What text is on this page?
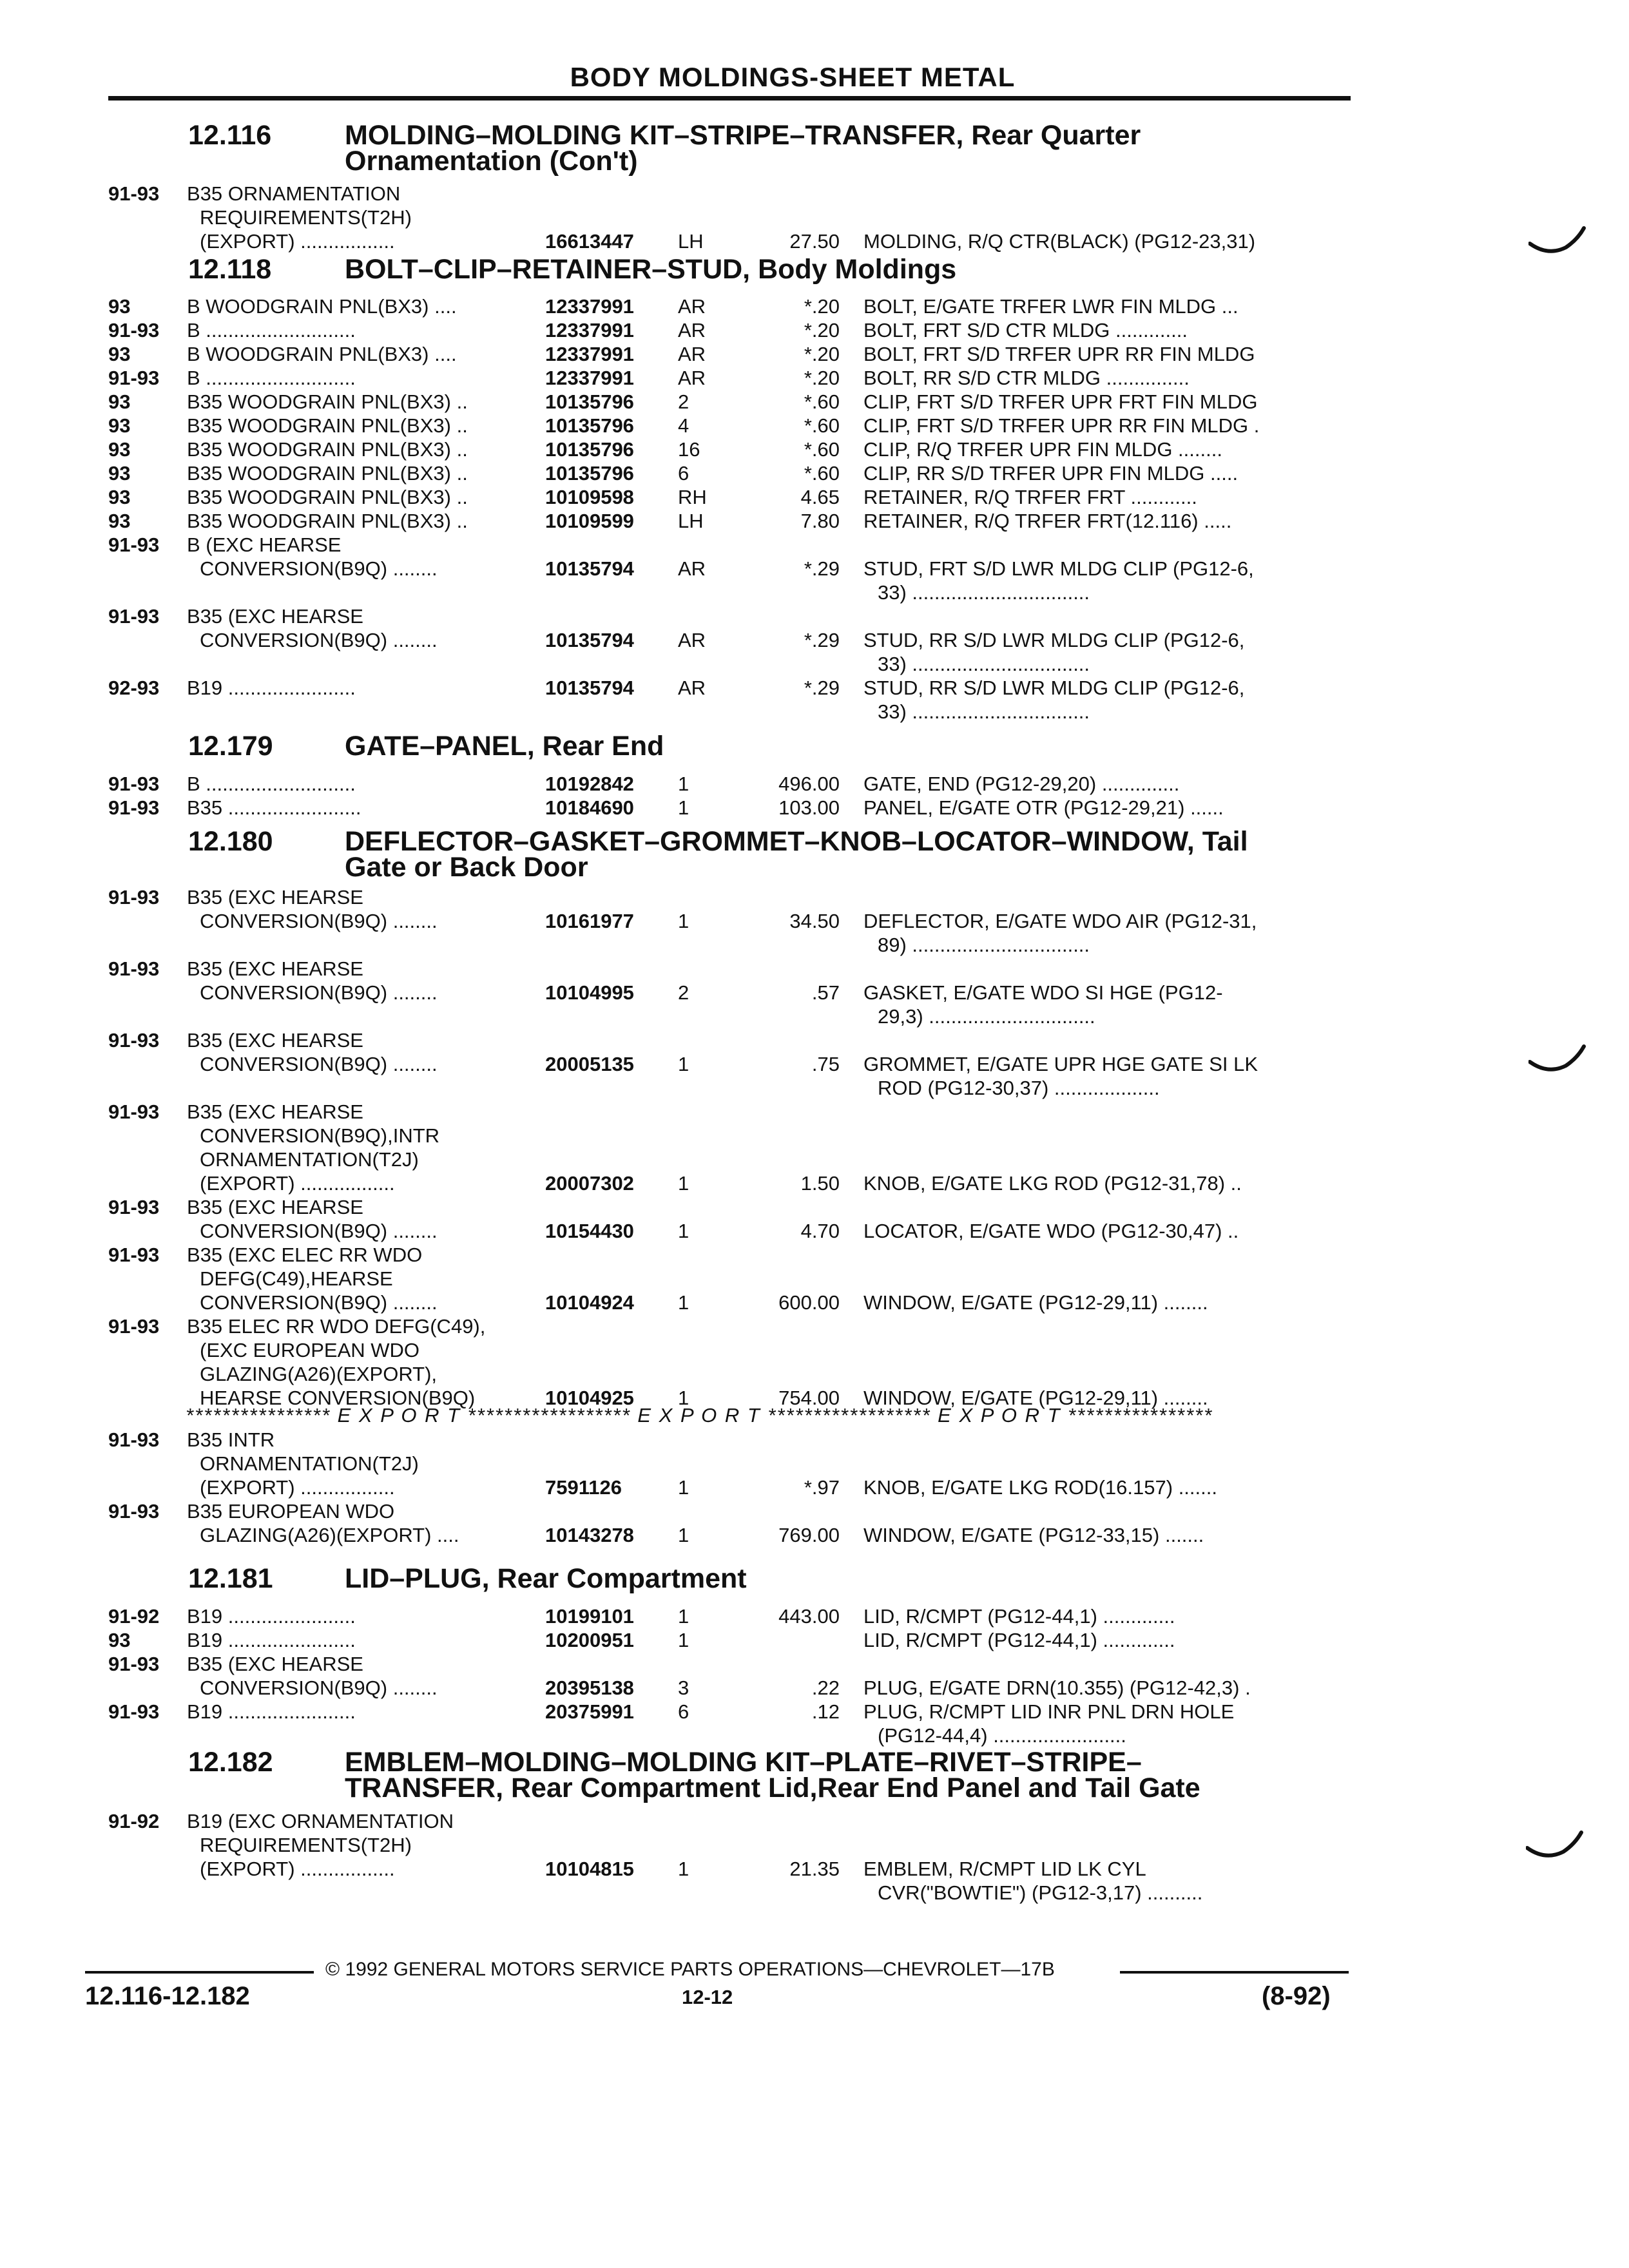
BODY MOLDINGS-SHEET METAL
12.116	MOLDING–MOLDING KIT–STRIPE–TRANSFER, Rear Quarter
Ornamentation (Con't)
91-93 B35 ORNAMENTATION
REQUIREMENTS(T2H)
(EXPORT) .................	16613447 LH	27.50 MOLDING, R/Q CTR(BLACK) (PG12-23,31)
12.118	BOLT–CLIP–RETAINER–STUD, Body Moldings
93	B WOODGRAIN PNL(BX3) ....	12337991 AR	*.20 BOLT, E/GATE TRFER LWR FIN MLDG ...
91-93 B ...........................	12337991 AR	*.20 BOLT, FRT S/D CTR MLDG .............
93	B WOODGRAIN PNL(BX3) ....	12337991 AR	*.20 BOLT, FRT S/D TRFER UPR RR FIN MLDG
91-93 B ...........................	12337991 AR	*.20 BOLT, RR S/D CTR MLDG ...............
93	B35 WOODGRAIN PNL(BX3) ..	10135796 2	*.60 CLIP, FRT S/D TRFER UPR FRT FIN MLDG
93	B35 WOODGRAIN PNL(BX3) ..	10135796 4	*.60 CLIP, FRT S/D TRFER UPR RR FIN MLDG .
93	B35 WOODGRAIN PNL(BX3) ..	10135796 16	*.60 CLIP, R/Q TRFER UPR FIN MLDG ........
93	B35 WOODGRAIN PNL(BX3) ..	10135796 6	*.60 CLIP, RR S/D TRFER UPR FIN MLDG .....
93	B35 WOODGRAIN PNL(BX3) ..	10109598 RH	4.65 RETAINER, R/Q TRFER FRT ............
93	B35 WOODGRAIN PNL(BX3) ..	10109599 LH	7.80 RETAINER, R/Q TRFER FRT(12.116) .....
91-93 B (EXC HEARSE
CONVERSION(B9Q) ........	10135794 AR	*.29 STUD, FRT S/D LWR MLDG CLIP (PG12-6,
33) ................................
91-93 B35 (EXC HEARSE
CONVERSION(B9Q) ........	10135794 AR	*.29 STUD, RR S/D LWR MLDG CLIP (PG12-6,
33) ................................
92-93 B19 .......................	10135794 AR	*.29 STUD, RR S/D LWR MLDG CLIP (PG12-6,
33) ................................
12.179	GATE–PANEL, Rear End
91-93 B ...........................	10192842 1	496.00 GATE, END (PG12-29,20) ..............
91-93 B35 ........................	10184690 1	103.00 PANEL, E/GATE OTR (PG12-29,21) ......
12.180	DEFLECTOR–GASKET–GROMMET–KNOB–LOCATOR–WINDOW, Tail
Gate or Back Door
91-93 B35 (EXC HEARSE
CONVERSION(B9Q) ........	10161977 1	34.50 DEFLECTOR, E/GATE WDO AIR (PG12-31,
89) ................................
91-93 B35 (EXC HEARSE
CONVERSION(B9Q) ........	10104995 2	.57 GASKET, E/GATE WDO SI HGE (PG12-
29,3) ..............................
91-93 B35 (EXC HEARSE
CONVERSION(B9Q) ........	20005135 1	.75 GROMMET, E/GATE UPR HGE GATE SI LK
ROD (PG12-30,37) ...................
91-93 B35 (EXC HEARSE
CONVERSION(B9Q),INTR
ORNAMENTATION(T2J)
(EXPORT) .................	20007302 1	1.50 KNOB, E/GATE LKG ROD (PG12-31,78) ..
91-93 B35 (EXC HEARSE
CONVERSION(B9Q) ........	10154430 1	4.70 LOCATOR, E/GATE WDO (PG12-30,47) ..
91-93 B35 (EXC ELEC RR WDO
DEFG(C49),HEARSE
CONVERSION(B9Q) ........	10104924 1	600.00 WINDOW, E/GATE (PG12-29,11) ........
91-93 B35 ELEC RR WDO DEFG(C49),
(EXC EUROPEAN WDO
GLAZING(A26)(EXPORT),
HEARSE CONVERSION(B9Q)	10104925 1	754.00 WINDOW, E/GATE (PG12-29,11) ........
**************** E X P O R T ****************** E X P O R T ****************** E X P O R T ****************
91-93 B35 INTR
ORNAMENTATION(T2J)
(EXPORT) .................	7591126	1	*.97 KNOB, E/GATE LKG ROD(16.157) .......
91-93 B35 EUROPEAN WDO
GLAZING(A26)(EXPORT) ....	10143278 1	769.00 WINDOW, E/GATE (PG12-33,15) .......
12.181	LID–PLUG, Rear Compartment
91-92 B19 .......................	10199101 1	443.00 LID, R/CMPT (PG12-44,1) .............
93	B19 .......................	10200951 1	LID, R/CMPT (PG12-44,1) .............
91-93 B35 (EXC HEARSE
CONVERSION(B9Q) ........	20395138 3	.22 PLUG, E/GATE DRN(10.355) (PG12-42,3) .
91-93 B19 .......................	20375991 6	.12 PLUG, R/CMPT LID INR PNL DRN HOLE
(PG12-44,4) ........................
12.182	EMBLEM–MOLDING–MOLDING KIT–PLATE–RIVET–STRIPE–
TRANSFER, Rear Compartment Lid,Rear End Panel and Tail Gate
91-92 B19 (EXC ORNAMENTATION
REQUIREMENTS(T2H)
(EXPORT) .................	10104815 1	21.35 EMBLEM, R/CMPT LID LK CYL
CVR("BOWTIE") (PG12-3,17) ..........
© 1992 GENERAL MOTORS SERVICE PARTS OPERATIONS—CHEVROLET—17B
12.116-12.182	12-12	(8-92)
